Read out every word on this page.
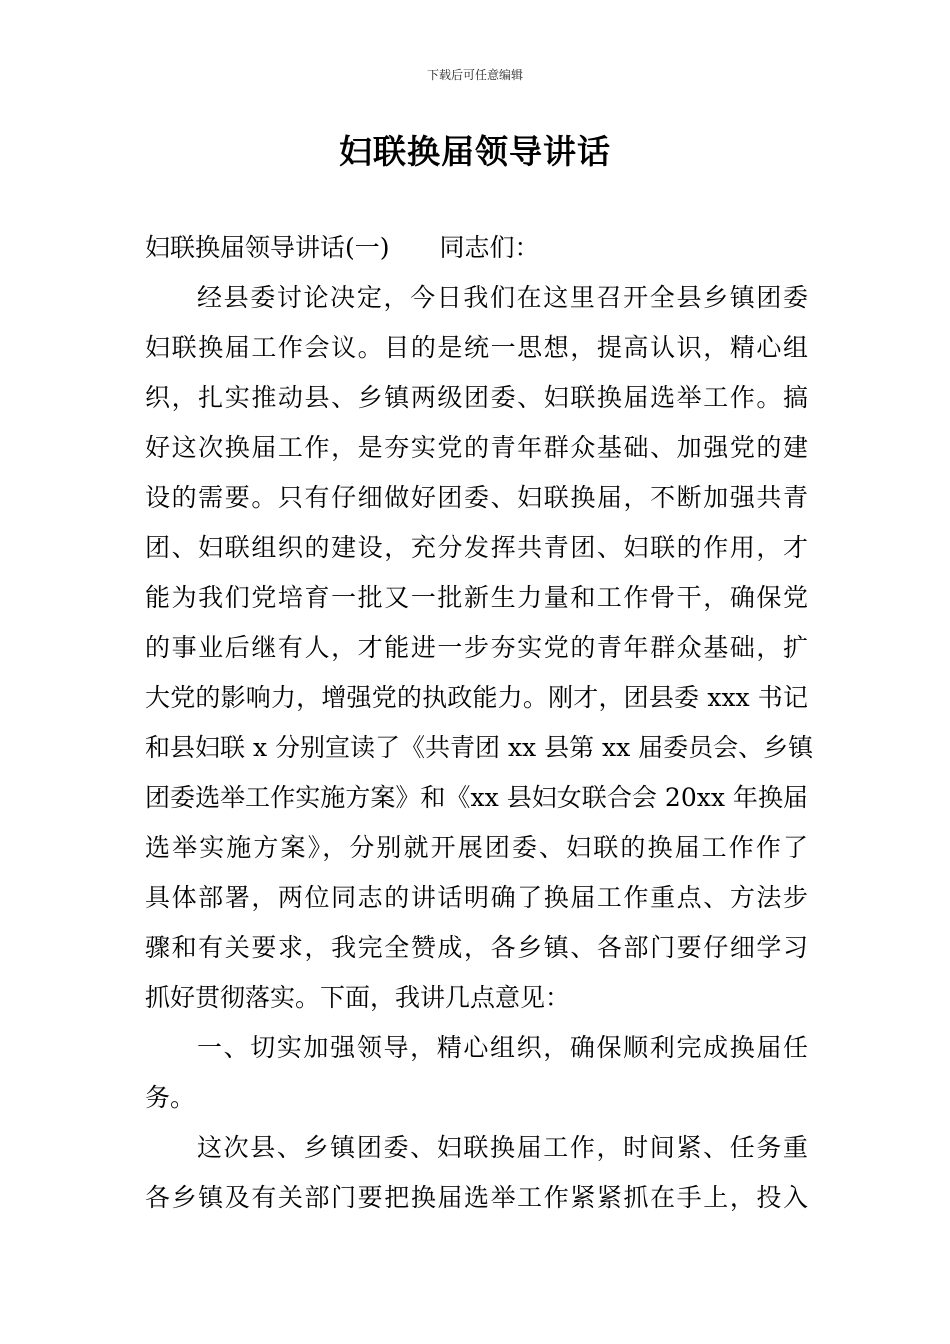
下载后可任意编辑
妇联换届领导讲话
妇联换届领导讲话(一) 同志们：
经县委讨论决定，今日我们在这里召开全县乡镇团委
妇联换届工作会议。目的是统一思想，提高认识，精心组
织，扎实推动县、乡镇两级团委、妇联换届选举工作。搞
好这次换届工作，是夯实党的青年群众基础、加强党的建
设的需要。只有仔细做好团委、妇联换届，不断加强共青
团、妇联组织的建设，充分发挥共青团、妇联的作用，才
能为我们党培育一批又一批新生力量和工作骨干，确保党
的事业后继有人，才能进一步夯实党的青年群众基础，扩
大党的影响力，增强党的执政能力。刚才，团县委 xxx 书记
和县妇联 x 分别宣读了《共青团 xx 县第 xx 届委员会、乡镇
团委选举工作实施方案》和《xx 县妇女联合会 20xx 年换届
选举实施方案》，分别就开展团委、妇联的换届工作作了
具体部署，两位同志的讲话明确了换届工作重点、方法步
骤和有关要求，我完全赞成，各乡镇、各部门要仔细学习
抓好贯彻落实。下面，我讲几点意见：
一、切实加强领导，精心组织，确保顺利完成换届任
务。
这次县、乡镇团委、妇联换届工作，时间紧、任务重
各乡镇及有关部门要把换届选举工作紧紧抓在手上，投入
